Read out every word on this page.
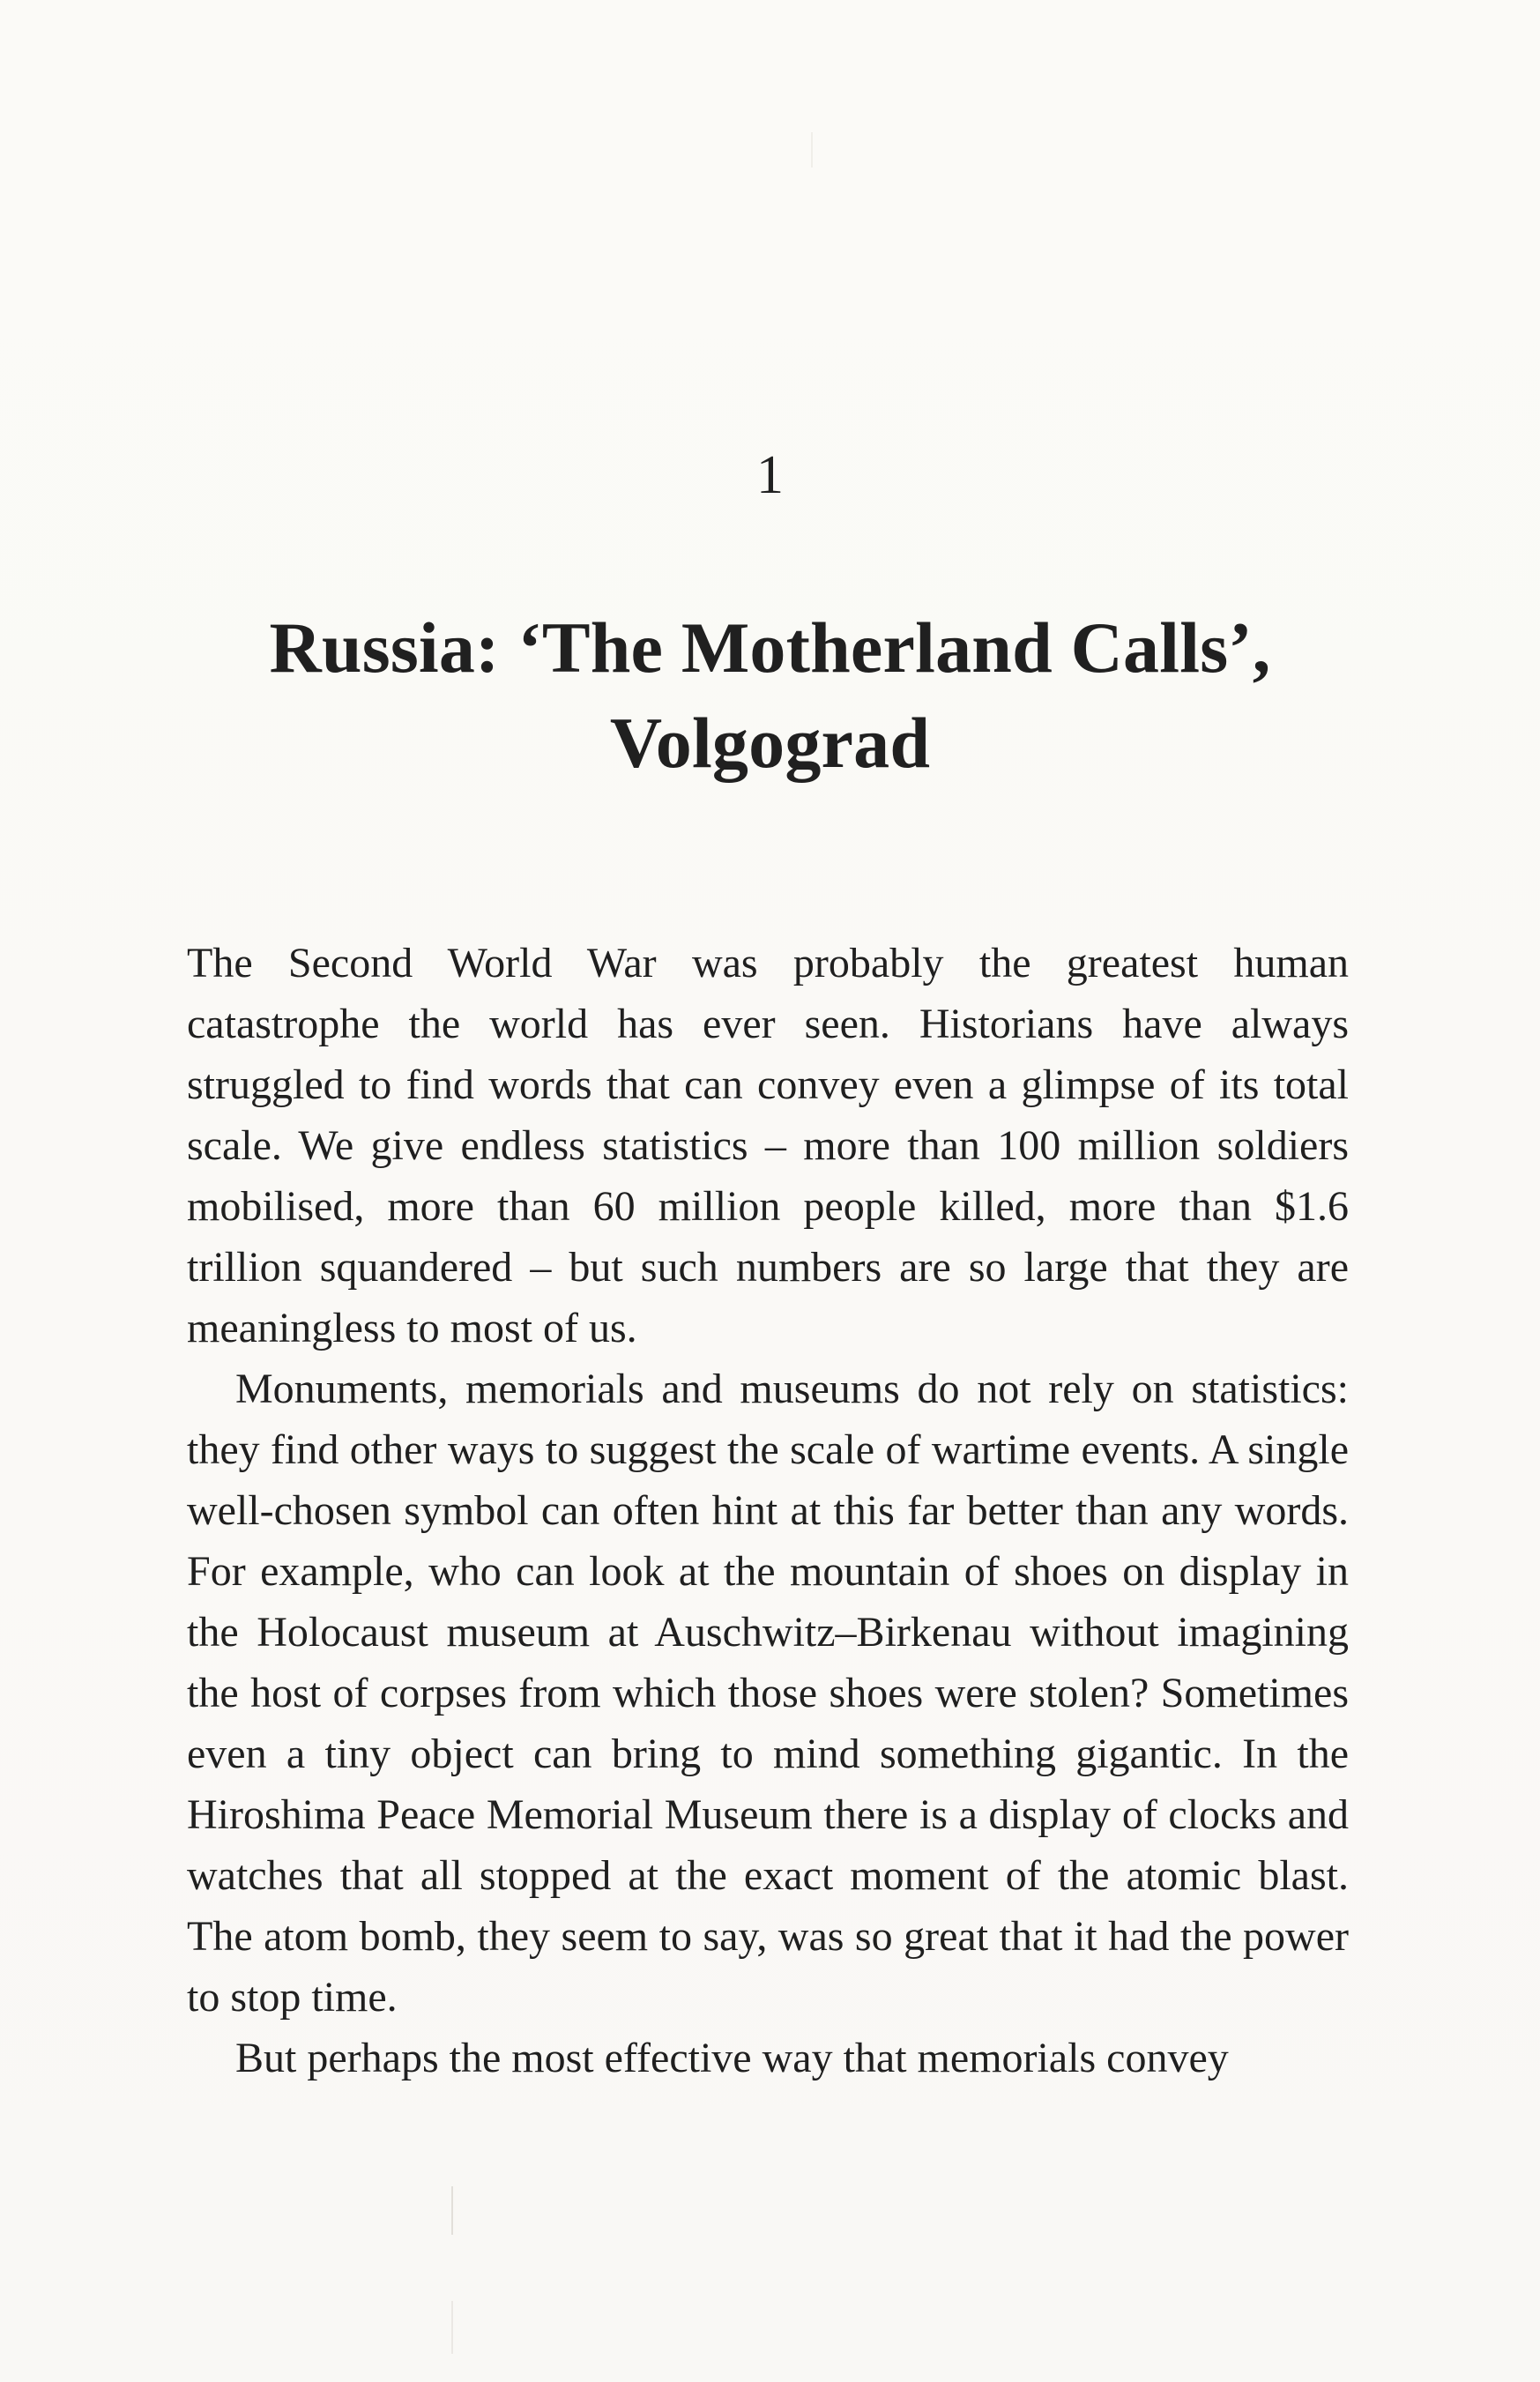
1
Russia: ‘The Motherland Calls’,
Volgograd

The Second World War was probably the greatest human catastrophe the world has ever seen. Historians have always struggled to find words that can convey even a glimpse of its total scale. We give endless statistics – more than 100 million soldiers mobilised, more than 60 million people killed, more than $1.6 trillion squandered – but such numbers are so large that they are meaningless to most of us.

Monuments, memorials and museums do not rely on statistics: they find other ways to suggest the scale of wartime events. A single well-chosen symbol can often hint at this far better than any words. For example, who can look at the mountain of shoes on display in the Holocaust museum at Auschwitz–Birkenau without imagining the host of corpses from which those shoes were stolen? Sometimes even a tiny object can bring to mind something gigantic. In the Hiroshima Peace Memorial Museum there is a display of clocks and watches that all stopped at the exact moment of the atomic blast. The atom bomb, they seem to say, was so great that it had the power to stop time.

But perhaps the most effective way that memorials convey
